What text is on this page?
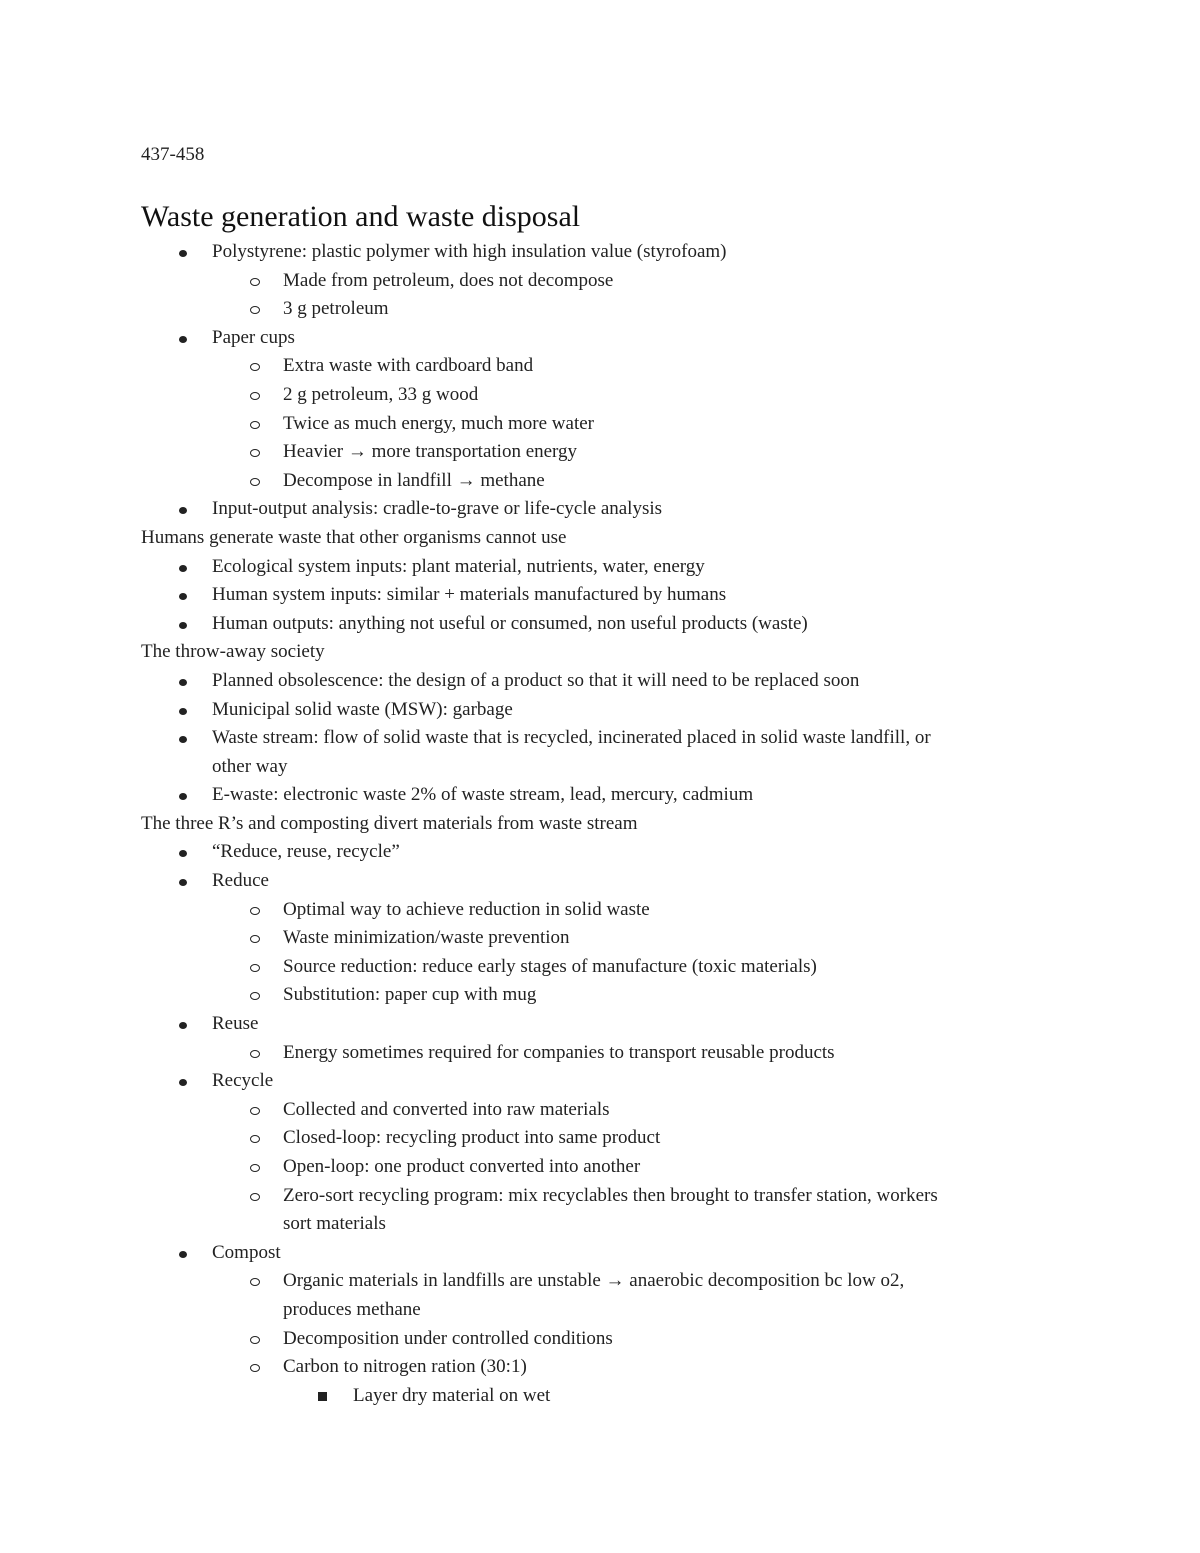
437-458
Waste generation and waste disposal
Polystyrene: plastic polymer with high insulation value (styrofoam)
Made from petroleum, does not decompose
3 g petroleum
Paper cups
Extra waste with cardboard band
2 g petroleum, 33 g wood
Twice as much energy, much more water
Heavier → more transportation energy
Decompose in landfill → methane
Input-output analysis: cradle-to-grave or life-cycle analysis
Humans generate waste that other organisms cannot use
Ecological system inputs: plant material, nutrients, water, energy
Human system inputs: similar + materials manufactured by humans
Human outputs: anything not useful or consumed, non useful products (waste)
The throw-away society
Planned obsolescence: the design of a product so that it will need to be replaced soon
Municipal solid waste (MSW): garbage
Waste stream: flow of solid waste that is recycled, incinerated placed in solid waste landfill, or
other way
E-waste: electronic waste 2% of waste stream, lead, mercury, cadmium
The three R’s and composting divert materials from waste stream
“Reduce, reuse, recycle”
Reduce
Optimal way to achieve reduction in solid waste
Waste minimization/waste prevention
Source reduction: reduce early stages of manufacture (toxic materials)
Substitution: paper cup with mug
Reuse
Energy sometimes required for companies to transport reusable products
Recycle
Collected and converted into raw materials
Closed-loop: recycling product into same product
Open-loop: one product converted into another
Zero-sort recycling program: mix recyclables then brought to transfer station, workers
sort materials
Compost
Organic materials in landfills are unstable → anaerobic decomposition bc low o2,
produces methane
Decomposition under controlled conditions
Carbon to nitrogen ration (30:1)
Layer dry material on wet
